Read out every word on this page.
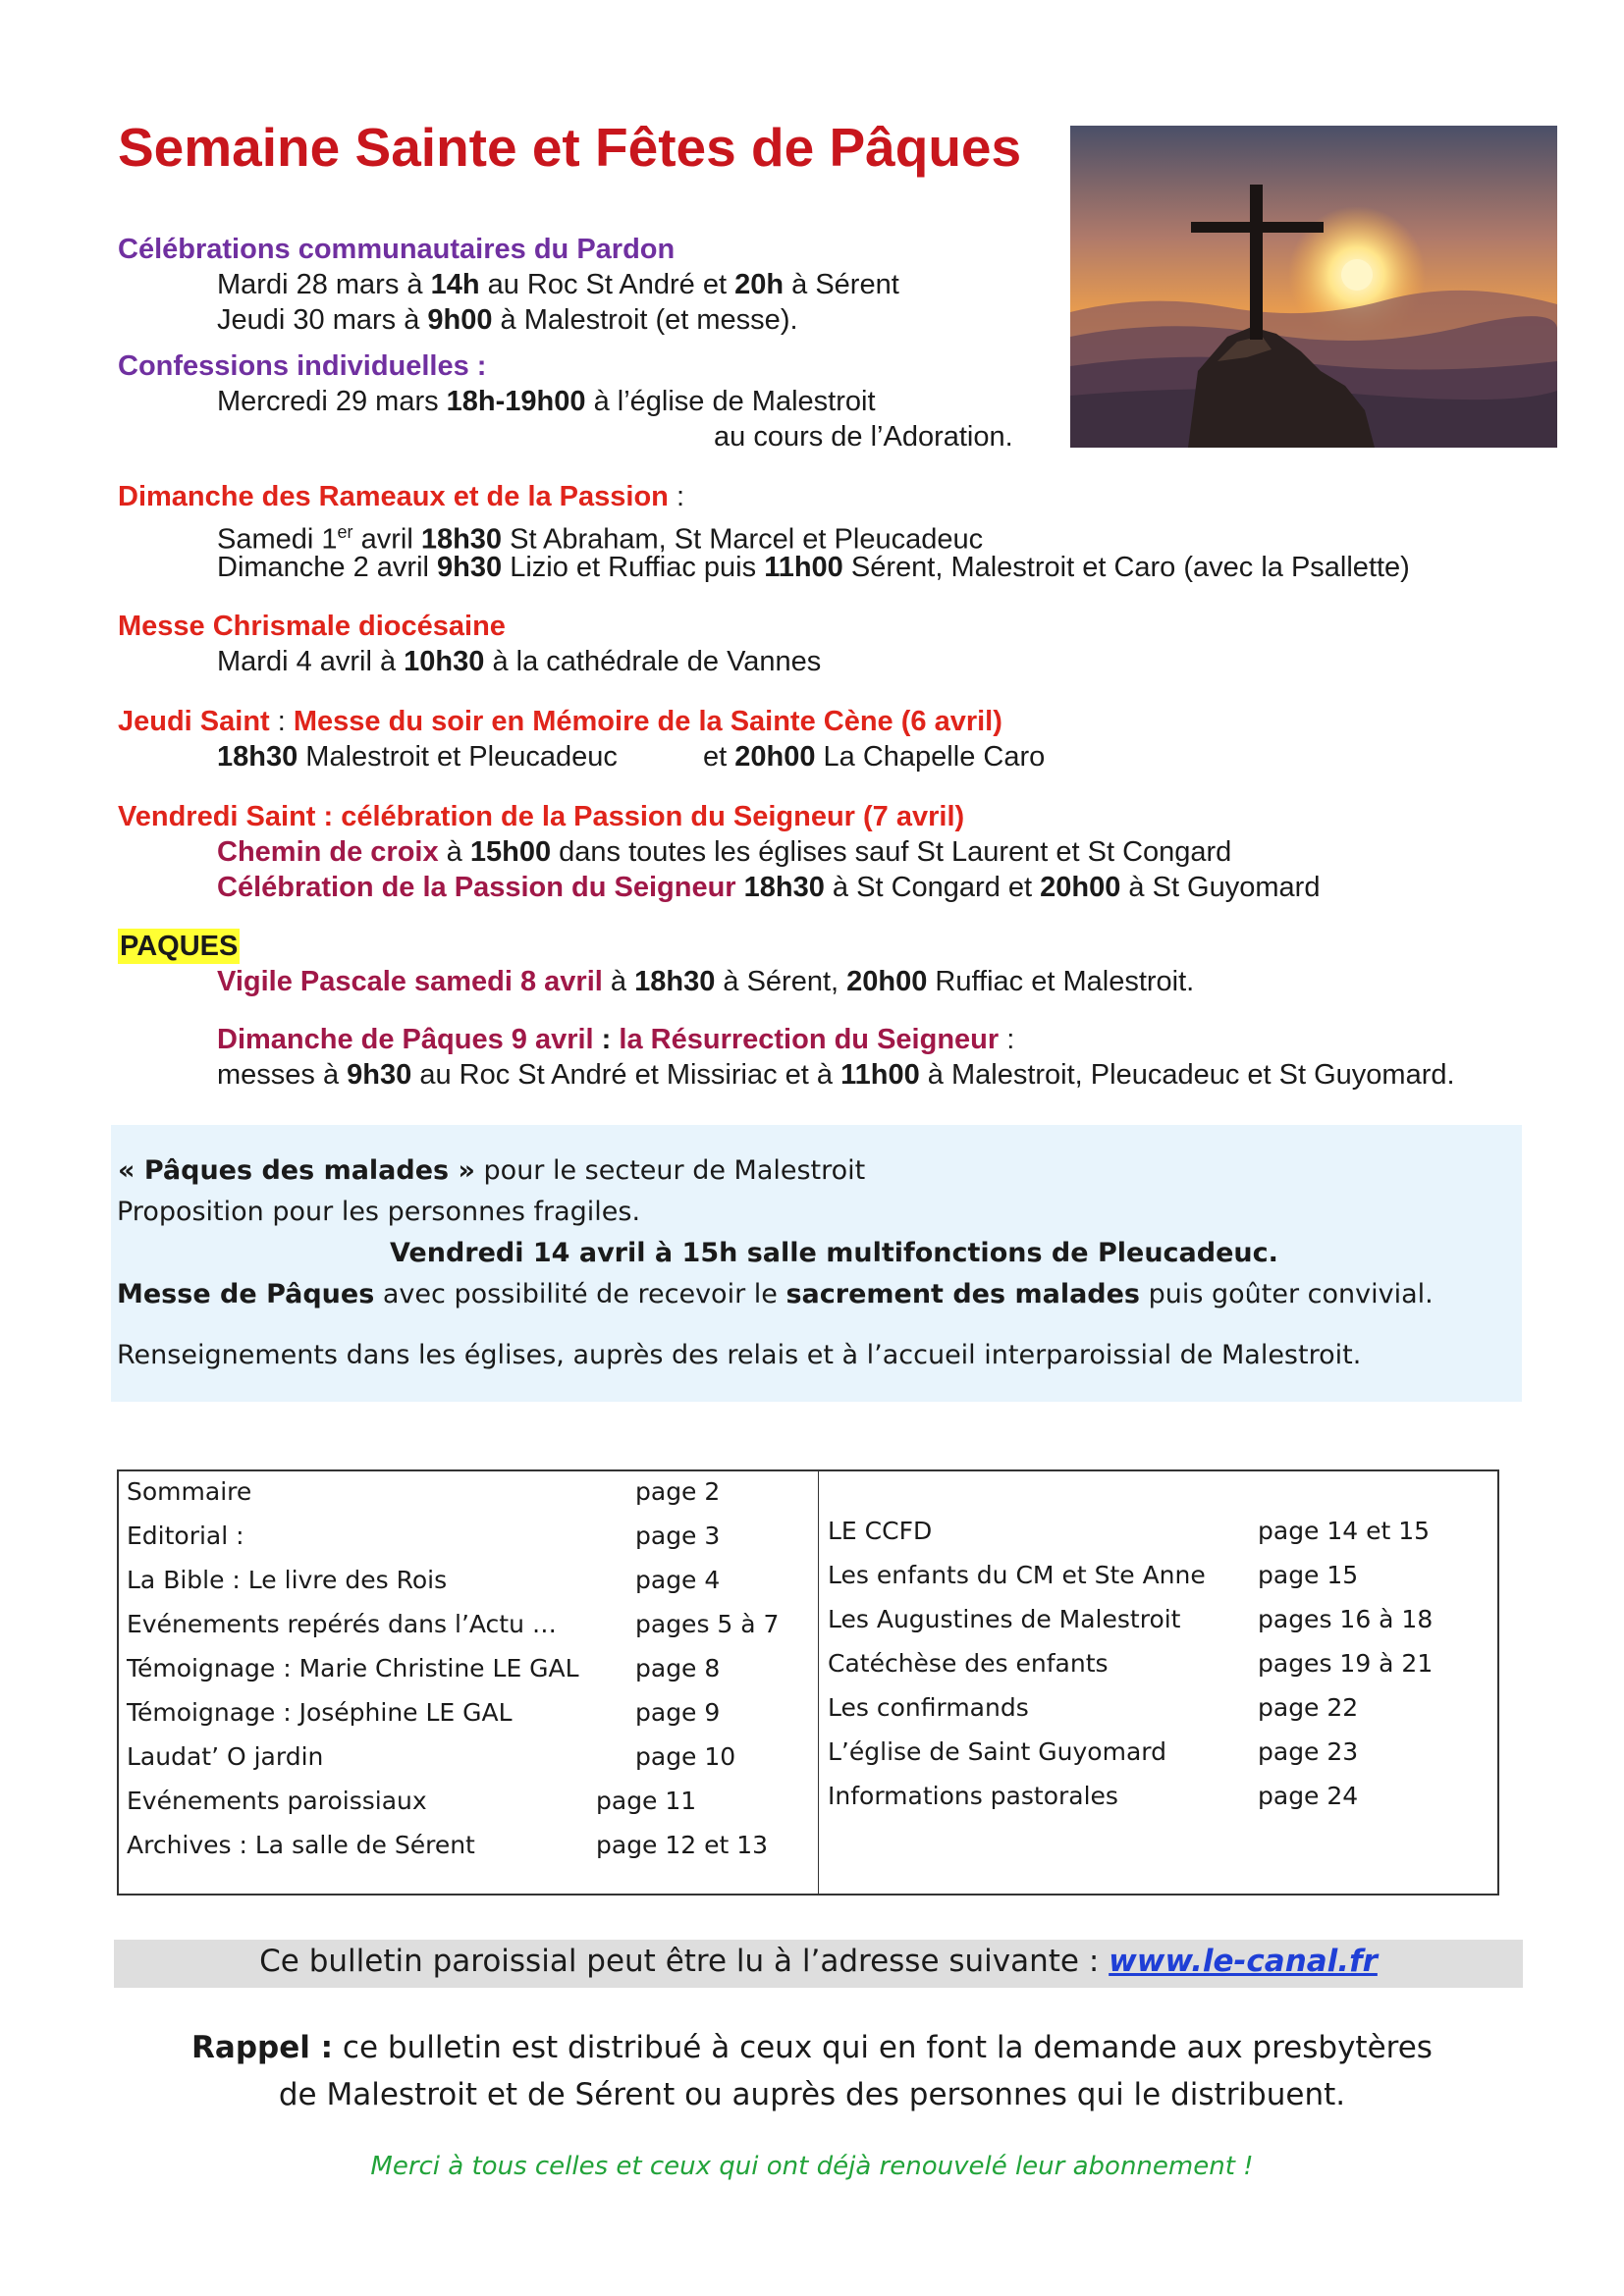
Semaine Sainte et Fêtes de Pâques
Célébrations communautaires du Pardon
Mardi 28 mars à 14h au Roc St André et 20h à Sérent
Jeudi 30 mars à 9h00 à Malestroit (et messe).
Confessions individuelles :
Mercredi 29 mars 18h-19h00 à l’église de Malestroit
au cours de l’Adoration.
Dimanche des Rameaux et de la Passion :
Samedi 1er avril 18h30 St Abraham, St Marcel et Pleucadeuc
Dimanche 2 avril 9h30 Lizio et Ruffiac puis 11h00 Sérent, Malestroit et Caro (avec la Psallette)
Messe Chrismale diocésaine
Mardi 4 avril à 10h30 à la cathédrale de Vannes
Jeudi Saint : Messe du soir en Mémoire de la Sainte Cène (6 avril)
18h30 Malestroit et Pleucadeuc	et 20h00 La Chapelle Caro
Vendredi Saint : célébration de la Passion du Seigneur (7 avril)
Chemin de croix à 15h00 dans toutes les églises sauf St Laurent et St Congard
Célébration de la Passion du Seigneur 18h30 à St Congard et 20h00 à St Guyomard
PAQUES
Vigile Pascale samedi 8 avril à 18h30 à Sérent, 20h00 Ruffiac et Malestroit.
Dimanche de Pâques 9 avril : la Résurrection du Seigneur :
messes à 9h30 au Roc St André et Missiriac et à 11h00 à Malestroit, Pleucadeuc et St Guyomard.
« Pâques des malades » pour le secteur de Malestroit
Proposition pour les personnes fragiles.
Vendredi 14 avril à 15h salle multifonctions de Pleucadeuc.
Messe de Pâques avec possibilité de recevoir le sacrement des malades puis goûter convivial.
Renseignements dans les églises, auprès des relais et à l’accueil interparoissial de Malestroit.
Sommaire	page 2
Editorial :	page 3
La Bible : Le livre des Rois	page 4
Evénements repérés dans l’Actu …	pages 5 à 7
Témoignage : Marie Christine LE GAL page 8
Témoignage : Joséphine LE GAL	page 9
Laudat’ O jardin	page 10
Evénements paroissiaux	page 11
Archives : La salle de Sérent	page 12 et 13
LE CCFD	page 14 et 15
Les enfants du CM et Ste Anne page 15
Les Augustines de Malestroit	pages 16 à 18
Catéchèse des enfants	pages 19 à 21
Les confirmands	page 22
L’église de Saint Guyomard	page 23
Informations pastorales	page 24
Ce bulletin paroissial peut être lu à l’adresse suivante : www.le-canal.fr
Rappel : ce bulletin est distribué à ceux qui en font la demande aux presbytères
de Malestroit et de Sérent ou auprès des personnes qui le distribuent.
Merci à tous celles et ceux qui ont déjà renouvelé leur abonnement !
